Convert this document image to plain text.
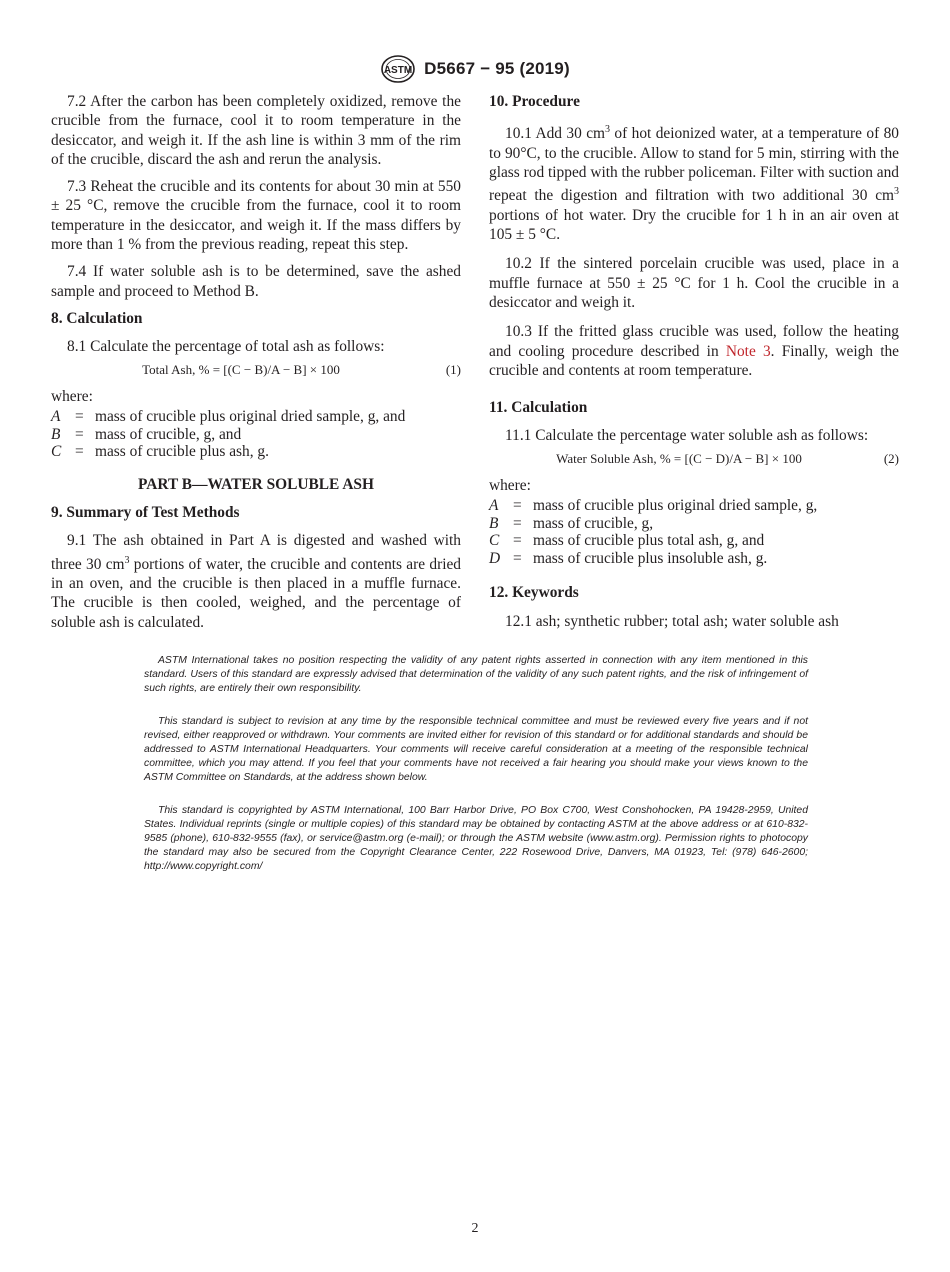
ASTM D5667 − 95 (2019)

7.2 After the carbon has been completely oxidized, remove the crucible from the furnace, cool it to room temperature in the desiccator, and weigh it. If the ash line is within 3 mm of the rim of the crucible, discard the ash and rerun the analysis.

7.3 Reheat the crucible and its contents for about 30 min at 550 ± 25 °C, remove the crucible from the furnace, cool it to room temperature in the desiccator, and weigh it. If the mass differs by more than 1 % from the previous reading, repeat this step.

7.4 If water soluble ash is to be determined, save the ashed sample and proceed to Method B.

8. Calculation

8.1 Calculate the percentage of total ash as follows:

Total Ash, % = [(C − B)/A − B] × 100	(1)
where:
A = mass of crucible plus original dried sample, g, and
B = mass of crucible, g, and
C = mass of crucible plus ash, g.
PART B—WATER SOLUBLE ASH
9. Summary of Test Methods

9.1 The ash obtained in Part A is digested and washed with three 30 $cm^3$ portions of water, the crucible and contents are dried in an oven, and the crucible is then placed in a muffle furnace. The crucible is then cooled, weighed, and the percentage of soluble ash is calculated.

10. Procedure

10.1 Add 30 $cm^3$ of hot deionized water, at a temperature of 80 to 90°C, to the crucible. Allow to stand for 5 min, stirring with the glass rod tipped with the rubber policeman. Filter with suction and repeat the digestion and filtration with two additional 30 $cm^3$ portions of hot water. Dry the crucible for 1 h in an air oven at 105 ± 5 °C.

10.2 If the sintered porcelain crucible was used, place in a muffle furnace at 550 ± 25 °C for 1 h. Cool the crucible in a desiccator and weigh it.

10.3 If the fritted glass crucible was used, follow the heating and cooling procedure described in Note 3. Finally, weigh the crucible and contents at room temperature.

11. Calculation

11.1 Calculate the percentage water soluble ash as follows:

Water Soluble Ash, % = [(C − D)/A − B] × 100	(2)
where:
A = mass of crucible plus original dried sample, g,
B = mass of crucible, g,
C = mass of crucible plus total ash, g, and
D = mass of crucible plus insoluble ash, g.
12. Keywords

12.1 ash; synthetic rubber; total ash; water soluble ash

ASTM International takes no position respecting the validity of any patent rights asserted in connection with any item mentioned in this standard. Users of this standard are expressly advised that determination of the validity of any such patent rights, and the risk of infringement of such rights, are entirely their own responsibility.

This standard is subject to revision at any time by the responsible technical committee and must be reviewed every five years and if not revised, either reapproved or withdrawn. Your comments are invited either for revision of this standard or for additional standards and should be addressed to ASTM International Headquarters. Your comments will receive careful consideration at a meeting of the responsible technical committee, which you may attend. If you feel that your comments have not received a fair hearing you should make your views known to the ASTM Committee on Standards, at the address shown below.

This standard is copyrighted by ASTM International, 100 Barr Harbor Drive, PO Box C700, West Conshohocken, PA 19428-2959, United States. Individual reprints (single or multiple copies) of this standard may be obtained by contacting ASTM at the above address or at 610-832-9585 (phone), 610-832-9555 (fax), or service@astm.org (e-mail); or through the ASTM website (www.astm.org). Permission rights to photocopy the standard may also be secured from the Copyright Clearance Center, 222 Rosewood Drive, Danvers, MA 01923, Tel: (978) 646-2600; http://www.copyright.com/

2
